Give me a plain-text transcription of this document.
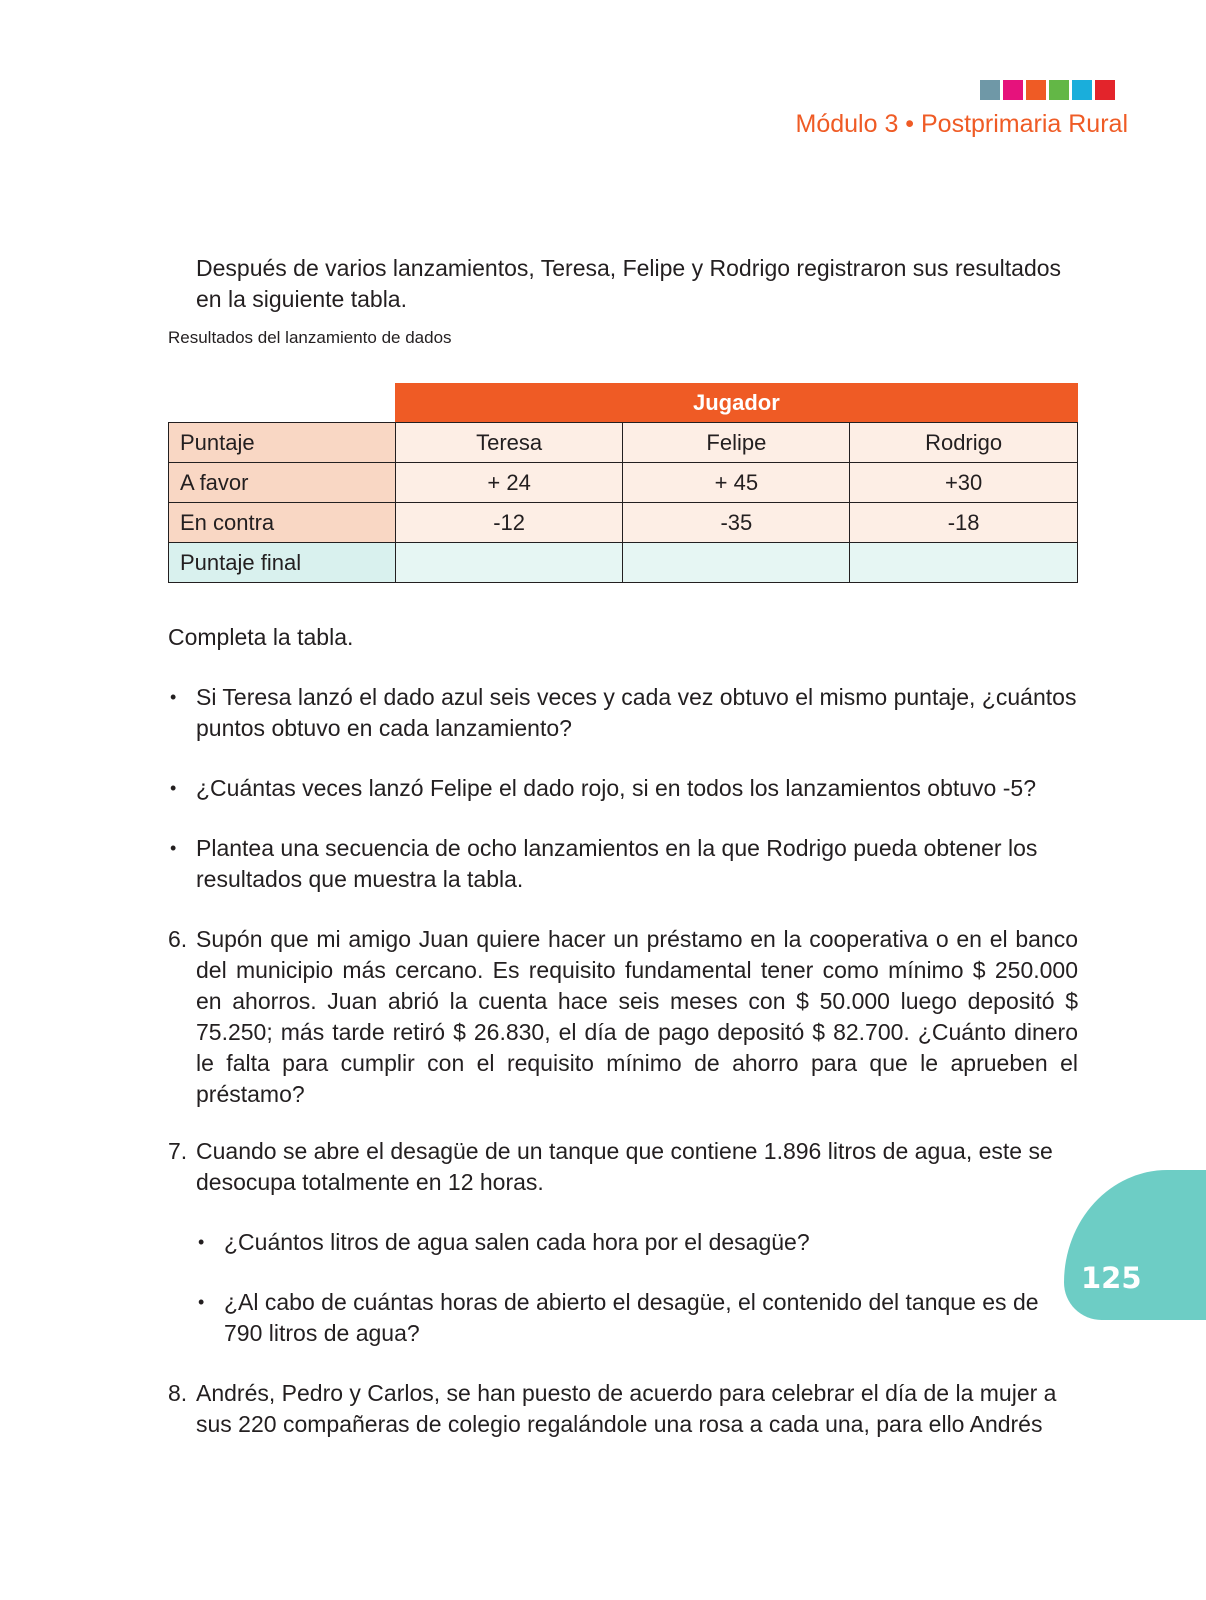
Módulo 3 • Postprimaria Rural

Después de varios lanzamientos, Teresa, Felipe y Rodrigo registraron sus resultados en la siguiente tabla.

Resultados del lanzamiento de dados
	Jugador		
Puntaje	Teresa	Felipe	Rodrigo
A favor	+ 24	+ 45	+30
En contra	-12	-35	-18
Puntaje final			

Completa la tabla.

• Si Teresa lanzó el dado azul seis veces y cada vez obtuvo el mismo puntaje, ¿cuántos puntos obtuvo en cada lanzamiento?

• ¿Cuántas veces lanzó Felipe el dado rojo, si en todos los lanzamientos obtuvo -5?

• Plantea una secuencia de ocho lanzamientos en la que Rodrigo pueda obtener los resultados que muestra la tabla.

6. Supón que mi amigo Juan quiere hacer un préstamo en la cooperativa o en el banco del municipio más cercano. Es requisito fundamental tener como mínimo $ 250.000 en ahorros. Juan abrió la cuenta hace seis meses con $ 50.000 luego depositó $ 75.250; más tarde retiró $ 26.830, el día de pago depositó $ 82.700. ¿Cuánto dinero le falta para cumplir con el requisito mínimo de ahorro para que le aprueben el préstamo?

7. Cuando se abre el desagüe de un tanque que contiene 1.896 litros de agua, este se desocupa totalmente en 12 horas.

• ¿Cuántos litros de agua salen cada hora por el desagüe?

• ¿Al cabo de cuántas horas de abierto el desagüe, el contenido del tanque es de 790 litros de agua?

8. Andrés, Pedro y Carlos, se han puesto de acuerdo para celebrar el día de la mujer a sus 220 compañeras de colegio regalándole una rosa a cada una, para ello Andrés

125
